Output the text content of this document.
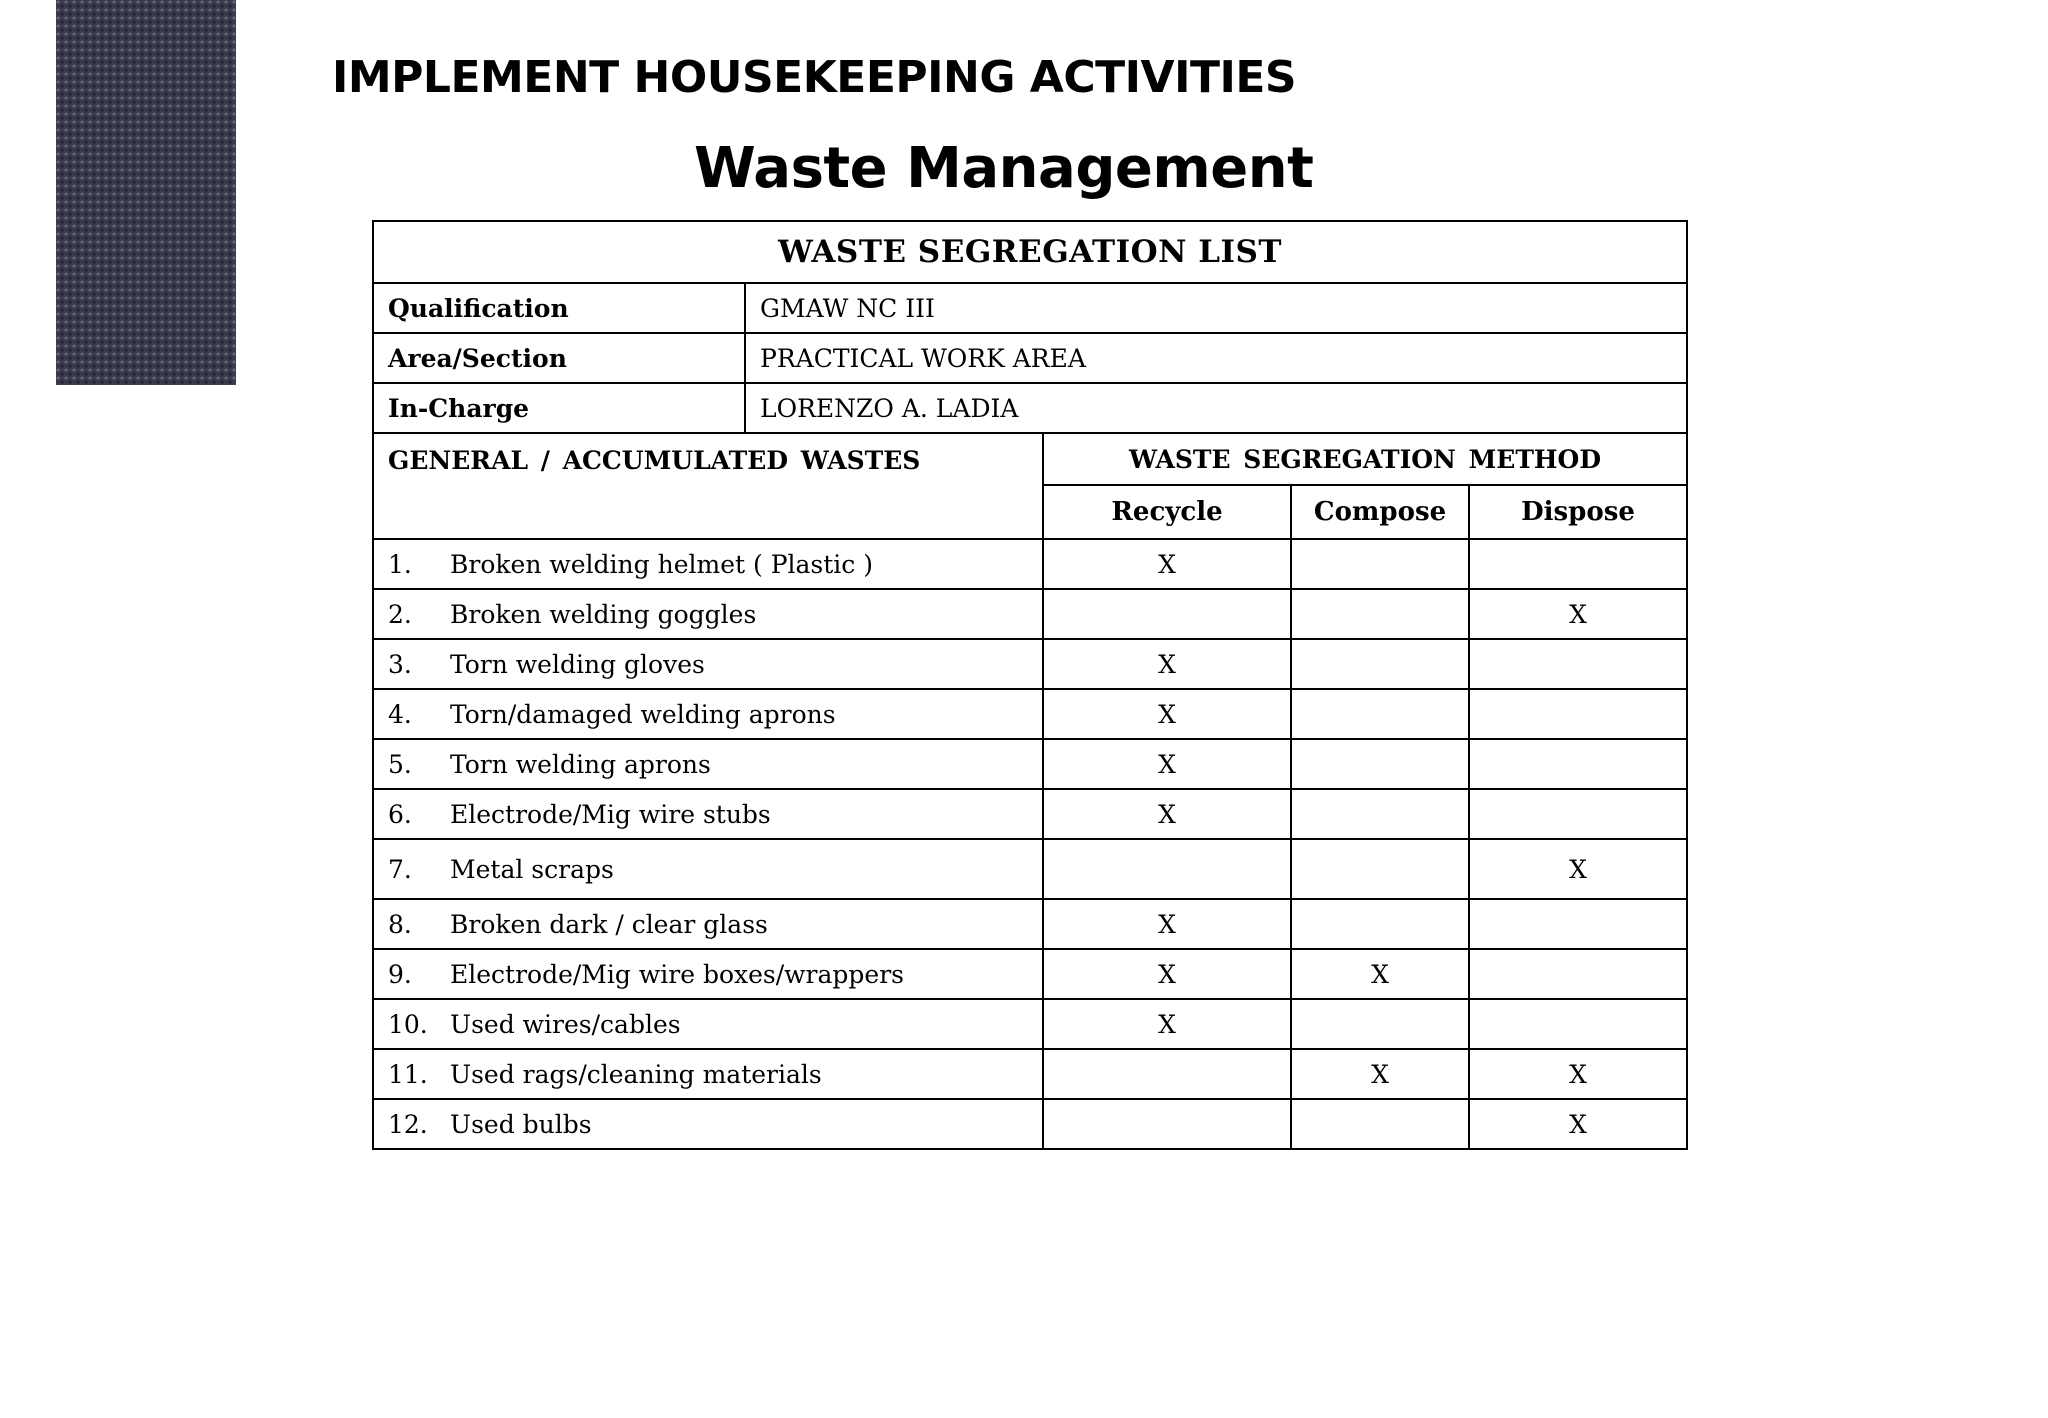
IMPLEMENT HOUSEKEEPING ACTIVITIES
Waste Management
WASTE SEGREGATION LIST				
Qualification	GMAW NC III			
Area/Section	PRACTICAL WORK AREA			
In-Charge	LORENZO A. LADIA			
GENERAL / ACCUMULATED WASTES		WASTE SEGREGATION METHOD		
		Recycle	Compose	Dispose
1. Broken welding helmet ( Plastic )		X		
2. Broken welding goggles				X
3. Torn welding gloves		X		
4. Torn/damaged welding aprons		X		
5. Torn welding aprons		X		
6. Electrode/Mig wire stubs		X		
7. Metal scraps				X
8. Broken dark / clear glass		X		
9. Electrode/Mig wire boxes/wrappers		X	X	
10. Used wires/cables		X		
11. Used rags/cleaning materials			X	X
12. Used bulbs				X
